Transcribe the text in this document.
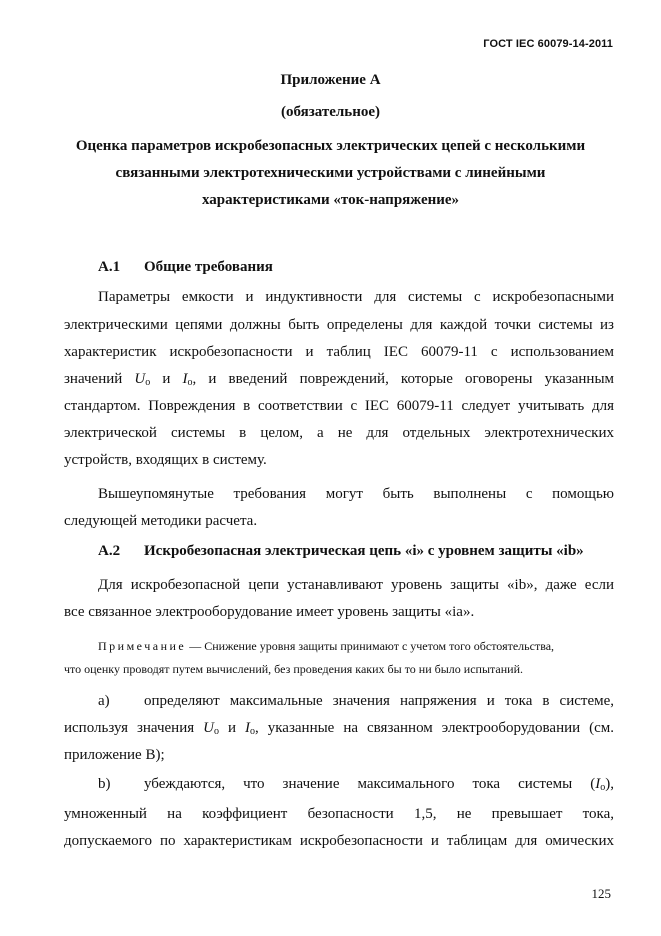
ГОСТ IEC 60079-14-2011
Приложение А
(обязательное)
Оценка параметров искробезопасных электрических цепей с несколькими
связанными электротехническими устройствами с линейными
характеристиками «ток-напряжение»
А.1 Общие требования
Параметры емкости и индуктивности для системы с искробезопасными
электрическими цепями должны быть определены для каждой точки системы из
характеристик искробезопасности и таблиц IEC 60079-11 с использованием
значений $U_o$ и $I_o$, и введений повреждений, которые оговорены указанным
стандартом. Повреждения в соответствии с IEC 60079-11 следует учитывать для
электрической системы в целом, а не для отдельных электротехнических
устройств, входящих в систему.
Вышеупомянутые требования могут быть выполнены с помощью
следующей методики расчета.
А.2 Искробезопасная электрическая цепь «i» с уровнем защиты «ib»
Для искробезопасной цепи устанавливают уровень защиты «ib», даже если
все связанное электрооборудование имеет уровень защиты «ia».
Примечание — Снижение уровня защиты принимают с учетом того обстоятельства,
что оценку проводят путем вычислений, без проведения каких бы то ни было испытаний.
а) определяют максимальные значения напряжения и тока в системе,
используя значения $U_o$ и $I_o$, указанные на связанном электрооборудовании (см.
приложение В);
b) убеждаются, что значение максимального тока системы $(I_o)$,
умноженный на коэффициент безопасности 1,5, не превышает тока,
допускаемого по характеристикам искробезопасности и таблицам для омических
125
